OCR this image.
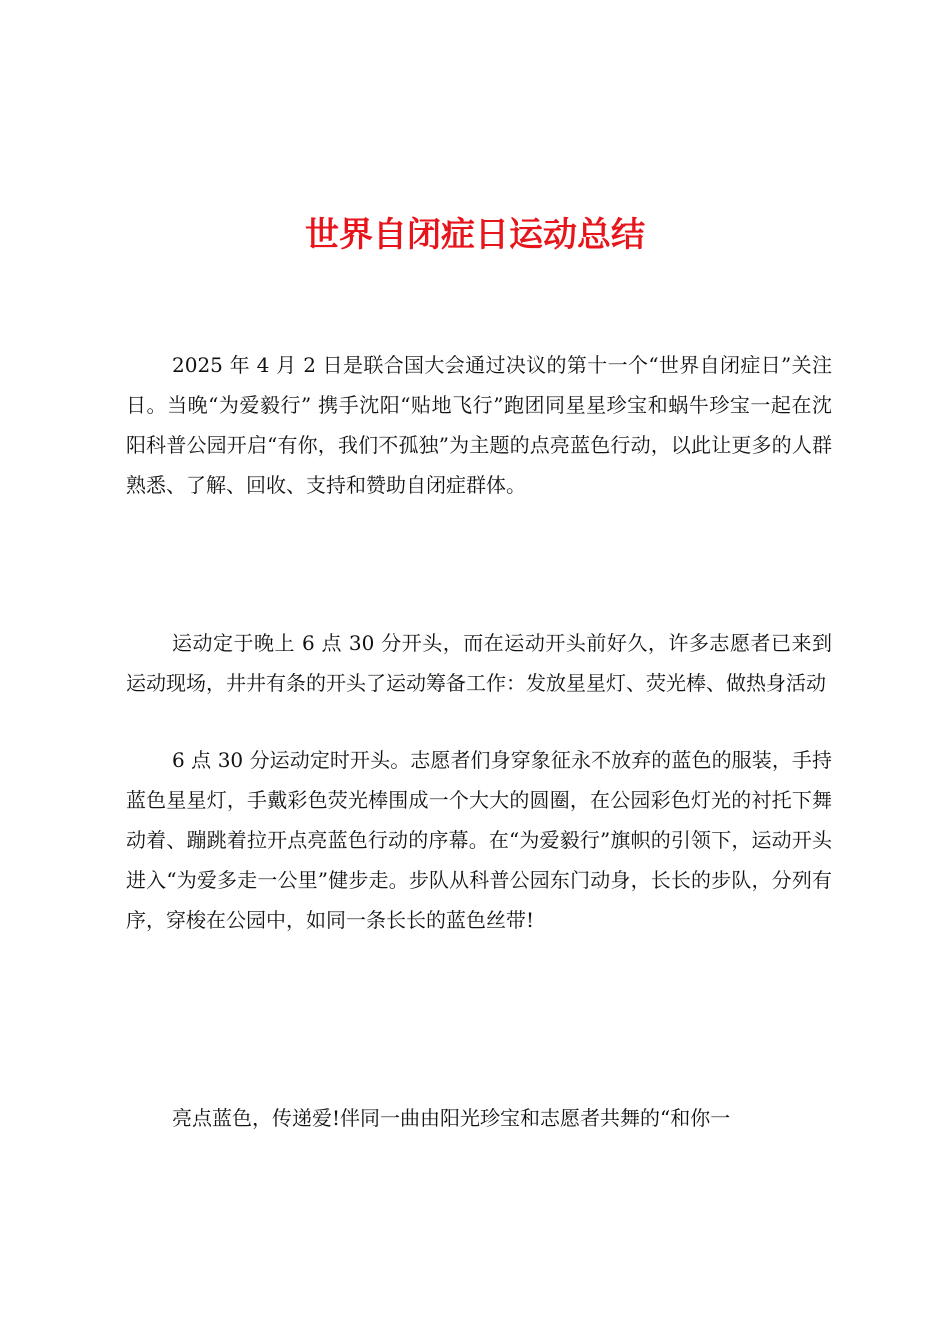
世界自闭症日运动总结

2025 年 4 月 2 日是联合国大会通过决议的第十一个“世界自闭症日”关注日。当晚“为爱毅行” 携手沈阳“贴地飞行”跑团同星星珍宝和蜗牛珍宝一起在沈阳科普公园开启“有你，我们不孤独”为主题的点亮蓝色行动，以此让更多的人群熟悉、了解、回收、支持和赞助自闭症群体。

运动定于晚上 6 点 30 分开头，而在运动开头前好久，许多志愿者已来到运动现场，井井有条的开头了运动筹备工作：发放星星灯、荧光棒、做热身活动

6 点 30 分运动定时开头。志愿者们身穿象征永不放弃的蓝色的服装，手持蓝色星星灯，手戴彩色荧光棒围成一个大大的圆圈，在公园彩色灯光的衬托下舞动着、蹦跳着拉开点亮蓝色行动的序幕。在“为爱毅行”旗帜的引领下，运动开头进入“为爱多走一公里”健步走。步队从科普公园东门动身，长长的步队，分列有序，穿梭在公园中，如同一条长长的蓝色丝带!

亮点蓝色，传递爱!伴同一曲由阳光珍宝和志愿者共舞的“和你一
